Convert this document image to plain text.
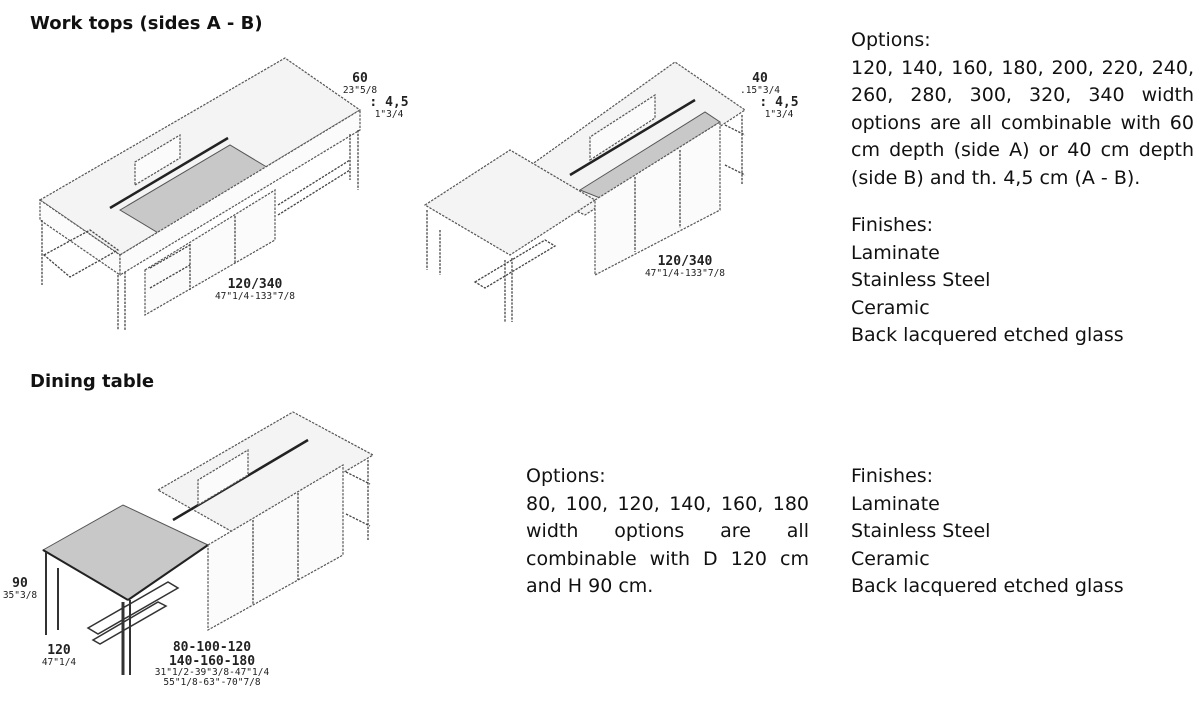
Work tops (sides A - B)
60
23"5/8
: 4,5
1"3/4
120/340
47"1/4-133"7/8
40
.15"3/4
: 4,5
1"3/4
120/340
47"1/4-133"7/8
Options:
120, 140, 160, 180, 200, 220, 240, 260, 280, 300, 320, 340 width options are all combinable with 60 cm depth (side A) or 40 cm depth (side B) and th. 4,5 cm (A - B).
Finishes:
Laminate
Stainless Steel
Ceramic
Back lacquered etched glass
Dining table
90
35"3/8
120
47"1/4
80-100-120
140-160-180
31"1/2-39"3/8-47"1/4
55"1/8-63"-70"7/8
Options:
80, 100, 120, 140, 160, 180 width options are all combinable with D 120 cm and H 90 cm.
Finishes:
Laminate
Stainless Steel
Ceramic
Back lacquered etched glass
